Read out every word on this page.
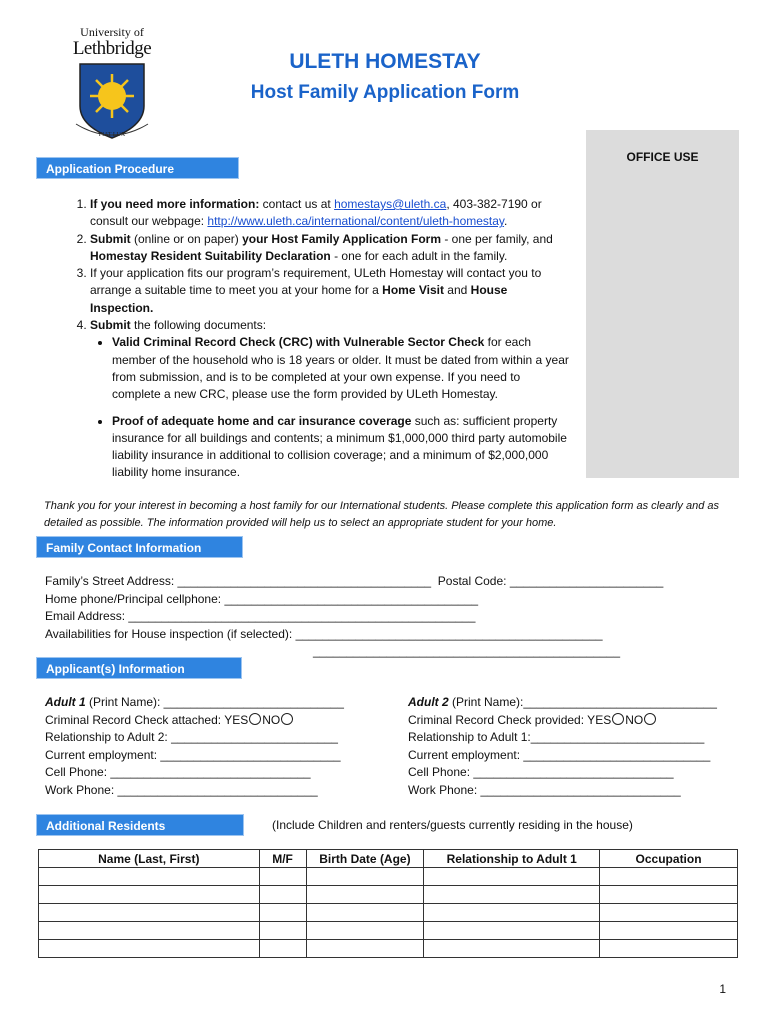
University of
Lethbridge
FIAT LUX
ULETH HOMESTAY
Host Family Application Form
OFFICE USE
Application Procedure
1. If you need more information: contact us at homestays@uleth.ca, 403-382-7190 or consult our webpage: http://www.uleth.ca/international/content/uleth-homestay.
2. Submit (online or on paper) your Host Family Application Form - one per family, and Homestay Resident Suitability Declaration - one for each adult in the family.
3. If your application fits our program’s requirement, ULeth Homestay will contact you to arrange a suitable time to meet you at your home for a Home Visit and House Inspection.
4. Submit the following documents:
• Valid Criminal Record Check (CRC) with Vulnerable Sector Check for each member of the household who is 18 years or older. It must be dated from within a year from submission, and is to be completed at your own expense. If you need to complete a new CRC, please use the form provided by ULeth Homestay.
• Proof of adequate home and car insurance coverage such as: sufficient property insurance for all buildings and contents; a minimum $1,000,000 third party automobile liability insurance in additional to collision coverage; and a minimum of $2,000,000 liability home insurance.
Thank you for your interest in becoming a host family for our International students. Please complete this application form as clearly and as detailed as possible. The information provided will help us to select an appropriate student for your home.
Family Contact Information
Family’s Street Address: ______________________________________ Postal Code: _______________________
Home phone/Principal cellphone: ______________________________________
Email Address: ____________________________________________________
Availabilities for House inspection (if selected): ______________________________________________
______________________________________________
Applicant(s) Information
Adult 1 (Print Name): ___________________________
Criminal Record Check attached: YES NO
Relationship to Adult 2: _________________________
Current employment: ___________________________
Cell Phone: ______________________________
Work Phone: ______________________________
Adult 2 (Print Name):_____________________________
Criminal Record Check provided: YES NO
Relationship to Adult 1:__________________________
Current employment: ____________________________
Cell Phone: ______________________________
Work Phone: ______________________________
Additional Residents	(Include Children and renters/guests currently residing in the house)
Name (Last, First)	M/F	Birth Date (Age)	Relationship to Adult 1	Occupation

1
